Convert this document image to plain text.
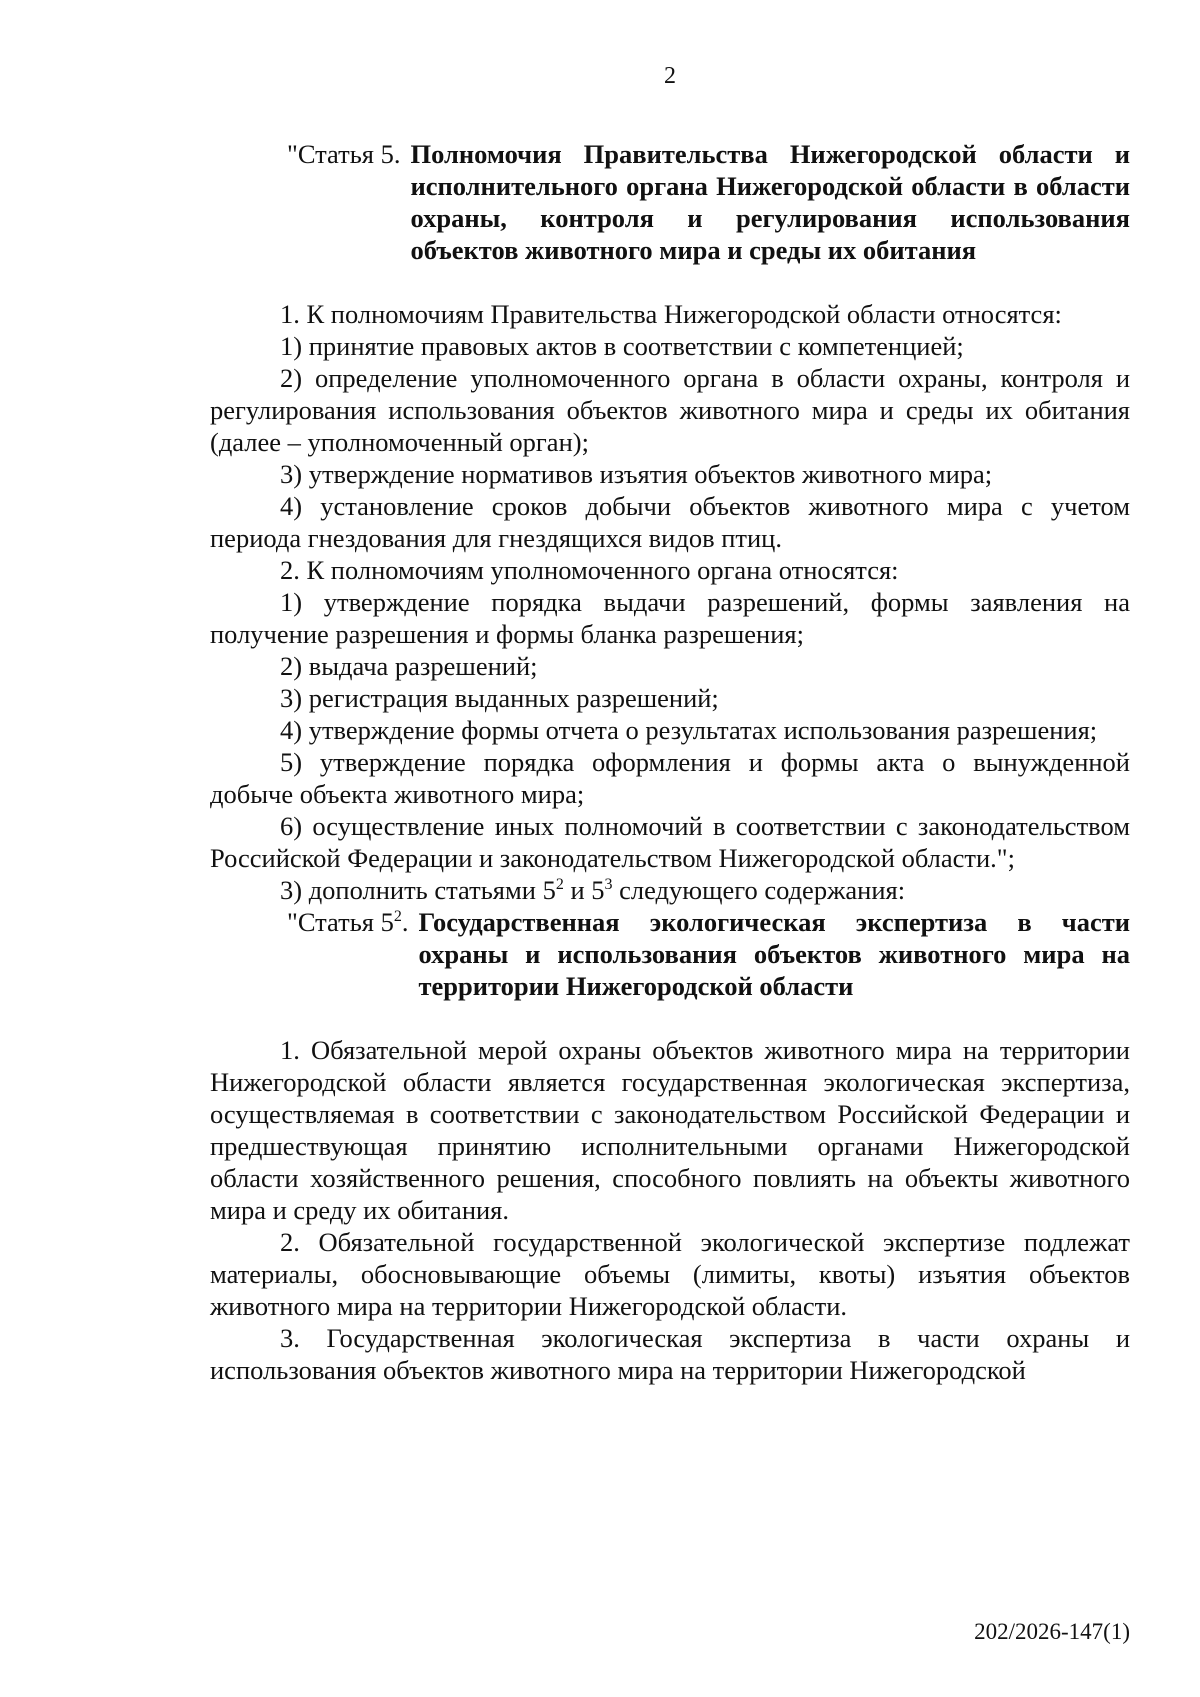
2
"Статья 5. Полномочия Правительства Нижегородской области и исполнительного органа Нижегородской области в области охраны, контроля и регулирования использования объектов животного мира и среды их обитания

1. К полномочиям Правительства Нижегородской области относятся:

1) принятие правовых актов в соответствии с компетенцией;

2) определение уполномоченного органа в области охраны, контроля и регулирования использования объектов животного мира и среды их обитания (далее – уполномоченный орган);

3) утверждение нормативов изъятия объектов животного мира;

4) установление сроков добычи объектов животного мира с учетом периода гнездования для гнездящихся видов птиц.

2. К полномочиям уполномоченного органа относятся:

1) утверждение порядка выдачи разрешений, формы заявления на получение разрешения и формы бланка разрешения;

2) выдача разрешений;

3) регистрация выданных разрешений;

4) утверждение формы отчета о результатах использования разрешения;

5) утверждение порядка оформления и формы акта о вынужденной добыче объекта животного мира;

6) осуществление иных полномочий в соответствии с законодательством Российской Федерации и законодательством Нижегородской области.";

3) дополнить статьями $5^2$ и $5^3$ следующего содержания:

"Статья $5^2$. Государственная экологическая экспертиза в части охраны и использования объектов животного мира на территории Нижегородской области

1. Обязательной мерой охраны объектов животного мира на территории Нижегородской области является государственная экологическая экспертиза, осуществляемая в соответствии с законодательством Российской Федерации и предшествующая принятию исполнительными органами Нижегородской области хозяйственного решения, способного повлиять на объекты животного мира и среду их обитания.

2. Обязательной государственной экологической экспертизе подлежат материалы, обосновывающие объемы (лимиты, квоты) изъятия объектов животного мира на территории Нижегородской области.

3. Государственная экологическая экспертиза в части охраны и использования объектов животного мира на территории Нижегородской

202/2026-147(1)
